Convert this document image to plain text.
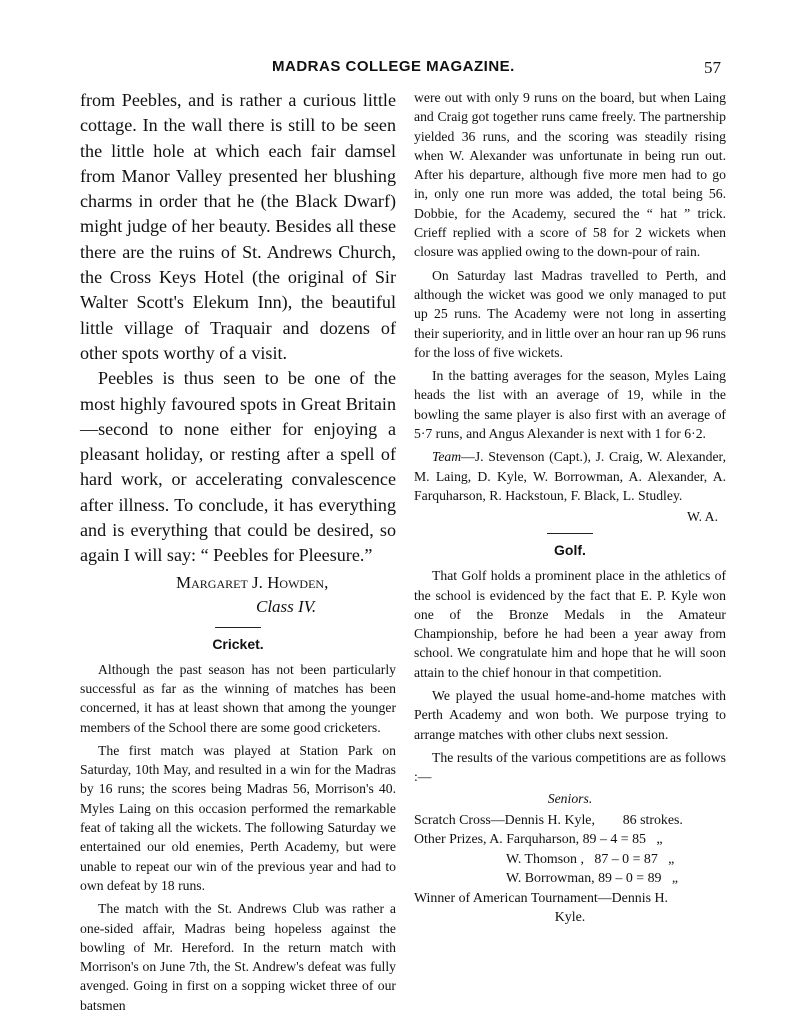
MADRAS COLLEGE MAGAZINE.	57

from Peebles, and is rather a curious little cottage. In the wall there is still to be seen the little hole at which each fair damsel from Manor Valley presented her blushing charms in order that he (the Black Dwarf) might judge of her beauty. Besides all these there are the ruins of St. Andrews Church, the Cross Keys Hotel (the original of Sir Walter Scott's Elekum Inn), the beautiful little village of Traquair and dozens of other spots worthy of a visit.

Peebles is thus seen to be one of the most highly favoured spots in Great Britain—second to none either for enjoying a pleasant holiday, or resting after a spell of hard work, or accelerating convalescence after illness. To conclude, it has everything and is everything that could be desired, so again I will say: “ Peebles for Pleesure.”

Margaret J. Howden,
Class IV.
Cricket.

Although the past season has not been particularly successful as far as the winning of matches has been concerned, it has at least shown that among the younger members of the School there are some good cricketers.

The first match was played at Station Park on Saturday, 10th May, and resulted in a win for the Madras by 16 runs; the scores being Madras 56, Morrison's 40. Myles Laing on this occasion performed the remarkable feat of taking all the wickets. The following Saturday we entertained our old enemies, Perth Academy, but were unable to repeat our win of the previous year and had to own defeat by 18 runs.

The match with the St. Andrews Club was rather a one-sided affair, Madras being hopeless against the bowling of Mr. Hereford. In the return match with Morrison's on June 7th, the St. Andrew's defeat was fully avenged. Going in first on a sopping wicket three of our batsmen

were out with only 9 runs on the board, but when Laing and Craig got together runs came freely. The partnership yielded 36 runs, and the scoring was steadily rising when W. Alexander was unfortunate in being run out. After his departure, although five more men had to go in, only one run more was added, the total being 56. Dobbie, for the Academy, secured the “ hat ” trick. Crieff replied with a score of 58 for 2 wickets when closure was applied owing to the down-pour of rain.

On Saturday last Madras travelled to Perth, and although the wicket was good we only managed to put up 25 runs. The Academy were not long in asserting their superiority, and in little over an hour ran up 96 runs for the loss of five wickets.

In the batting averages for the season, Myles Laing heads the list with an average of 19, while in the bowling the same player is also first with an average of 5·7 runs, and Angus Alexander is next with 1 for 6·2.

Team—J. Stevenson (Capt.), J. Craig, W. Alexander, M. Laing, D. Kyle, W. Borrowman, A. Alexander, A. Farquharson, R. Hackstoun, F. Black, L. Studley.

W. A.
Golf.

That Golf holds a prominent place in the athletics of the school is evidenced by the fact that E. P. Kyle won one of the Bronze Medals in the Amateur Championship, before he had been a year away from school. We congratulate him and hope that he will soon attain to the chief honour in that competition.

We played the usual home-and-home matches with Perth Academy and won both. We purpose trying to arrange matches with other clubs next session.

The results of the various competitions are as follows :—

Seniors.

Scratch Cross—Dennis H. Kyle,        86 strokes.

Other Prizes, A. Farquharson, 89 – 4 = 85   „

W. Thomson ,   87 – 0 = 87   „

W. Borrowman, 89 – 0 = 89   „

Winner of American Tournament—Dennis H.

Kyle.
